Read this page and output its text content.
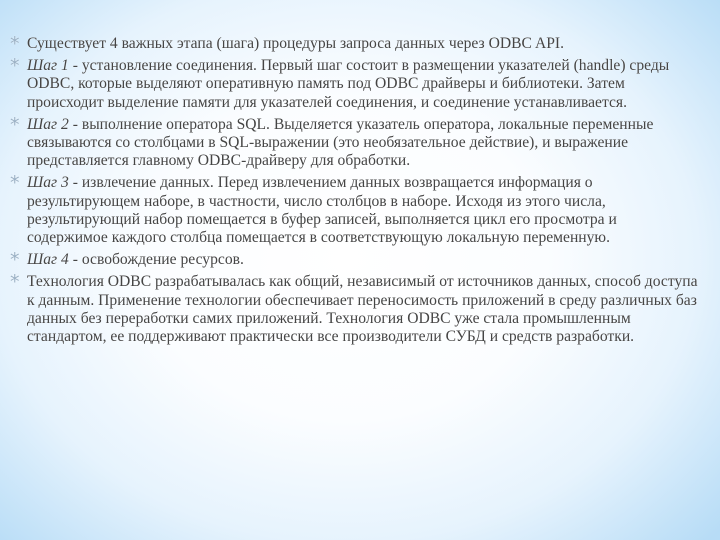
* Существует 4 важных этапа (шага) процедуры запроса данных через ODBC API.
* Шаг 1 - установление соединения. Первый шаг состоит в размещении указателей (handle) среды ODBC, которые выделяют оперативную память под ODBC драйверы и библиотеки. Затем происходит выделение памяти для указателей соединения, и соединение устанавливается.
* Шаг 2 - выполнение оператора SQL. Выделяется указатель оператора, локальные переменные связываются со столбцами в SQL-выражении (это необязательное действие), и выражение представляется главному ODBC-драйверу для обработки.
* Шаг 3 - извлечение данных. Перед извлечением данных возвращается информация о результирующем наборе, в частности, число столбцов в наборе. Исходя из этого числа, результирующий набор помещается в буфер записей, выполняется цикл его просмотра и содержимое каждого столбца помещается в соответствующую локальную переменную.
* Шаг 4 - освобождение ресурсов.
* Технология ODBC разрабатывалась как общий, независимый от источников данных, способ доступа к данным. Применение технологии обеспечивает переносимость приложений в среду различных баз данных без переработки самих приложений. Технология ODBC уже стала промышленным стандартом, ее поддерживают практически все производители СУБД и средств разработки.
